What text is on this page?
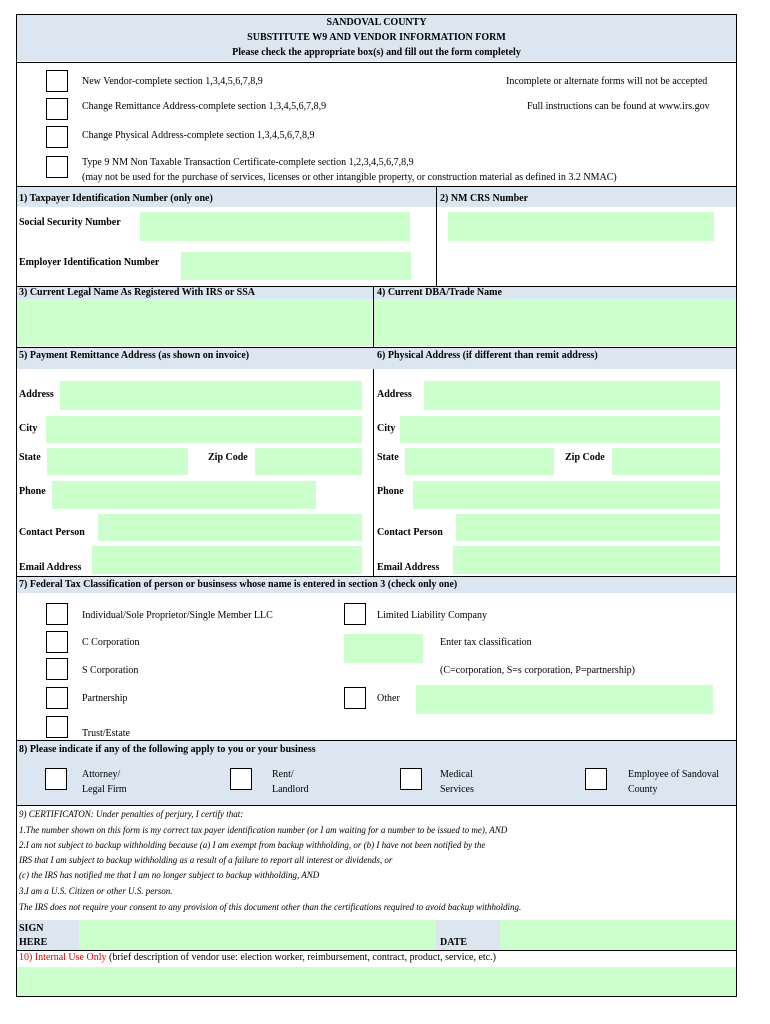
SANDOVAL COUNTY
SUBSTITUTE W9 AND VENDOR INFORMATION FORM
Please check the appropriate box(s) and fill out the form completely
New Vendor-complete section 1,3,4,5,6,7,8,9	Incomplete or alternate forms will not be accepted
Change Remittance Address-complete section 1,3,4,5,6,7,8,9	Full instructions can be found at www.irs.gov
Change Physical Address-complete section 1,3,4,5,6,7,8,9
Type 9 NM Non Taxable Transaction Certificate-complete section 1,2,3,4,5,6,7,8,9
(may not be used for the purchase of services, licenses or other intangible property, or construction material as defined in 3.2 NMAC)
1) Taxpayer Identification Number (only one)	2) NM CRS Number
Social Security Number
Employer Identification Number
3) Current Legal Name As Registered With IRS or SSA	4) Current DBA/Trade Name
5) Payment Remittance Address (as shown on invoice)	6) Physical Address (if different than remit address)
Address
City
State	Zip Code
Phone
Contact Person
Email Address
Address
City
State	Zip Code
Phone
Contact Person
Email Address
7) Federal Tax Classification of person or businsess whose name is entered in section 3 (check only one)
Individual/Sole Proprietor/Single Member LLC	Limited Liability Company
C Corporation	Enter tax classification
S Corporation	(C=corporation, S=s corporation, P=partnership)
Partnership	Other
Trust/Estate
8) Please indicate if any of the following apply to you or your business
Attorney/
Legal Firm
Rent/
Landlord
Medical
Services
Employee of Sandoval
County
9) CERTIFICATON: Under penalties of perjury, I certify that:
1.The number shown on this form is my correct tax payer identification number (or I am waiting for a number to be issued to me), AND
2.I am not subject to backup withholding because (a) I am exempt from backup withholding, or (b) I have not been notified by the
IRS that I am subject to backup withholding as a result of a failure to report all interest or dividends, or
(c) the IRS has notified me that I am no longer subject to backup withholding, AND
3.I am a U.S. Citizen or other U.S. person.
The IRS does not require your consent to any provision of this document other than the certifications required to avoid backup withholding.
SIGN
HERE	DATE
10) Internal Use Only (brief description of vendor use: election worker, reimbursement, contract, product, service, etc.)
